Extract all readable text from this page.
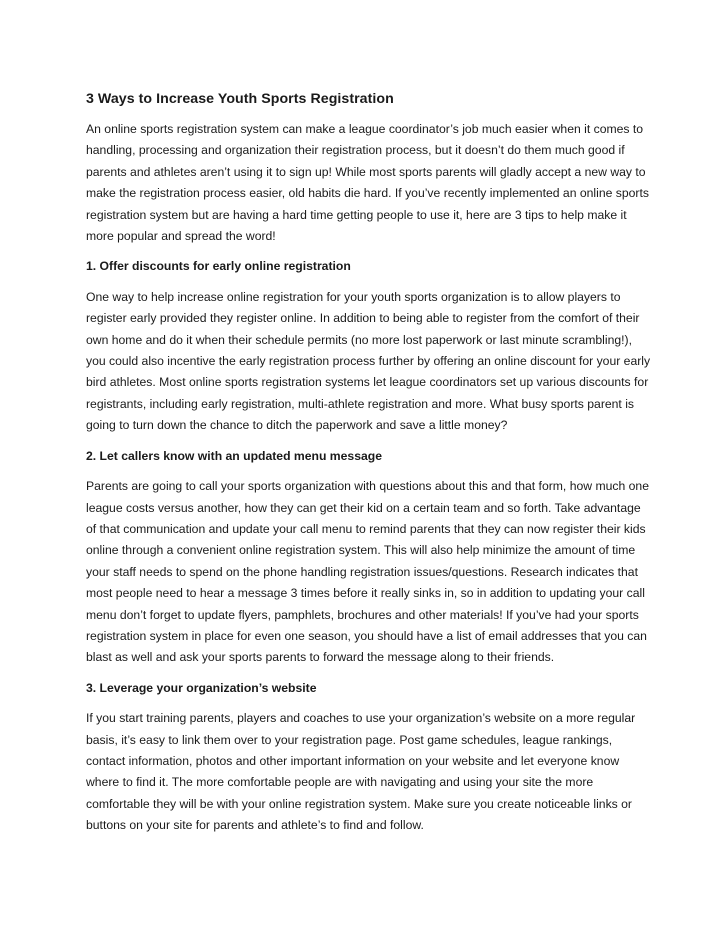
3 Ways to Increase Youth Sports Registration

An online sports registration system can make a league coordinator’s job much easier when it comes to handling, processing and organization their registration process, but it doesn’t do them much good if parents and athletes aren’t using it to sign up! While most sports parents will gladly accept a new way to make the registration process easier, old habits die hard. If you’ve recently implemented an online sports registration system but are having a hard time getting people to use it, here are 3 tips to help make it more popular and spread the word!

1. Offer discounts for early online registration

One way to help increase online registration for your youth sports organization is to allow players to register early provided they register online. In addition to being able to register from the comfort of their own home and do it when their schedule permits (no more lost paperwork or last minute scrambling!), you could also incentive the early registration process further by offering an online discount for your early bird athletes. Most online sports registration systems let league coordinators set up various discounts for registrants, including early registration, multi-athlete registration and more. What busy sports parent is going to turn down the chance to ditch the paperwork and save a little money?

2. Let callers know with an updated menu message

Parents are going to call your sports organization with questions about this and that form, how much one league costs versus another, how they can get their kid on a certain team and so forth. Take advantage of that communication and update your call menu to remind parents that they can now register their kids online through a convenient online registration system. This will also help minimize the amount of time your staff needs to spend on the phone handling registration issues/questions. Research indicates that most people need to hear a message 3 times before it really sinks in, so in addition to updating your call menu don’t forget to update flyers, pamphlets, brochures and other materials! If you’ve had your sports registration system in place for even one season, you should have a list of email addresses that you can blast as well and ask your sports parents to forward the message along to their friends.

3. Leverage your organization’s website

If you start training parents, players and coaches to use your organization’s website on a more regular basis, it’s easy to link them over to your registration page. Post game schedules, league rankings, contact information, photos and other important information on your website and let everyone know where to find it. The more comfortable people are with navigating and using your site the more comfortable they will be with your online registration system. Make sure you create noticeable links or buttons on your site for parents and athlete’s to find and follow.
